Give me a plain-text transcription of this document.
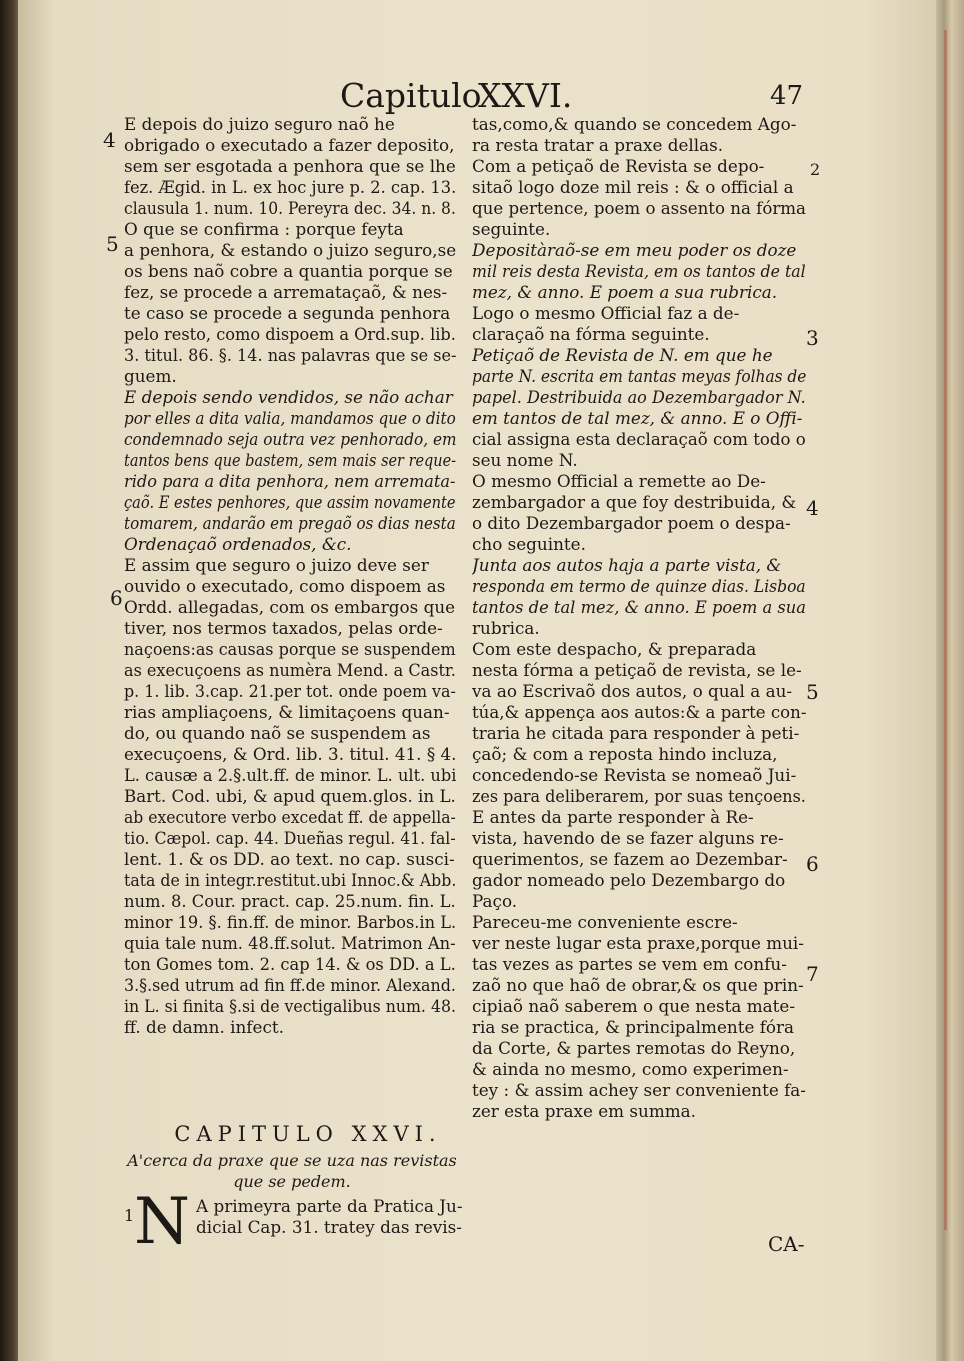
Capitulo
XXVI.	47
4
5
6
2
3
4
5
6
7
E depois do juizo seguro naõ he
obrigado o executado a fazer deposito,
sem ser esgotada a penhora que se lhe
fez. Ægid. in L. ex hoc jure p. 2. cap. 13.
clausula 1. num. 10. Pereyra dec. 34. n. 8.
O que se confirma : porque feyta
a penhora, & estando o juizo seguro,se
os bens naõ cobre a quantia porque se
fez, se procede a arremataçaõ, & nes-
te caso se procede a segunda penhora
pelo resto, como dispoem a Ord.sup. lib.
3. titul. 86. §. 14. nas palavras que se se-
guem.
E depois sendo vendidos, se não achar
por elles a dita valia, mandamos que o dito
condemnado seja outra vez penhorado, em
tantos bens que bastem, sem mais ser reque-
rido para a dita penhora, nem arremata-
çaõ. E estes penhores, que assim novamente
tomarem, andarão em pregaõ os dias nesta
Ordenaçaõ ordenados, &c.
E assim que seguro o juizo deve ser
ouvido o executado, como dispoem as
Ordd. allegadas, com os embargos que
tiver, nos termos taxados, pelas orde-
naçoens:as causas porque se suspendem
as execuçoens as numèra Mend. a Castr.
p. 1. lib. 3.cap. 21.per tot. onde poem va-
rias ampliaçoens, & limitaçoens quan-
do, ou quando naõ se suspendem as
execuçoens, & Ord. lib. 3. titul. 41. § 4.
L. causæ a 2.§.ult.ff. de minor. L. ult. ubi
Bart. Cod. ubi, & apud quem.glos. in L.
ab executore verbo excedat ff. de appella-
tio. Cæpol. cap. 44. Dueñas regul. 41. fal-
lent. 1. & os DD. ao text. no cap. susci-
tata de in integr.restitut.ubi Innoc.& Abb.
num. 8. Cour. pract. cap. 25.num. fin. L.
minor 19. §. fin.ff. de minor. Barbos.in L.
quia tale num. 48.ff.solut. Matrimon An-
ton Gomes tom. 2. cap 14. & os DD. a L.
3.§.sed utrum ad fin ff.de minor. Alexand.
in L. si finita §.si de vectigalibus num. 48.
ff. de damn. infect.
tas,como,& quando se concedem Ago-
ra resta tratar a praxe dellas.
Com a petiçaõ de Revista se depo-
sitaõ logo doze mil reis : & o official a
que pertence, poem o assento na fórma
seguinte.
Depositàraõ-se em meu poder os doze
mil reis desta Revista, em os tantos de tal
mez, & anno. E poem a sua rubrica.
Logo o mesmo Official faz a de-
claraçaõ na fórma seguinte.
Petiçaõ de Revista de N. em que he
parte N. escrita em tantas meyas folhas de
papel. Destribuida ao Dezembargador N.
em tantos de tal mez, & anno. E o Offi-
cial assigna esta declaraçaõ com todo o
seu nome N.
O mesmo Official a remette ao De-
zembargador a que foy destribuida, &
o dito Dezembargador poem o despa-
cho seguinte.
Junta aos autos haja a parte vista, &
responda em termo de quinze dias. Lisboa
tantos de tal mez, & anno. E poem a sua
rubrica.
Com este despacho, & preparada
nesta fórma a petiçaõ de revista, se le-
va ao Escrivaõ dos autos, o qual a au-
túa,& appença aos autos:& a parte con-
traria he citada para responder à peti-
çaõ; & com a reposta hindo incluza,
concedendo-se Revista se nomeaõ Jui-
zes para deliberarem, por suas tençoens.
E antes da parte responder à Re-
vista, havendo de se fazer alguns re-
querimentos, se fazem ao Dezembar-
gador nomeado pelo Dezembargo do
Paço.
Pareceu-me conveniente escre-
ver neste lugar esta praxe,porque mui-
tas vezes as partes se vem em confu-
zaõ no que haõ de obrar,& os que prin-
cipiaõ naõ saberem o que nesta mate-
ria se practica, & principalmente fóra
da Corte, & partes remotas do Reyno,
& ainda no mesmo, como experimen-
tey : & assim achey ser conveniente fa-
zer esta praxe em summa.
CAPITULO XXVI.
A'cerca da praxe que se uza nas revistas
que se pedem.
1 N A primeyra parte da Pratica Ju-
dicial Cap. 31. tratey das revis-
CA-
